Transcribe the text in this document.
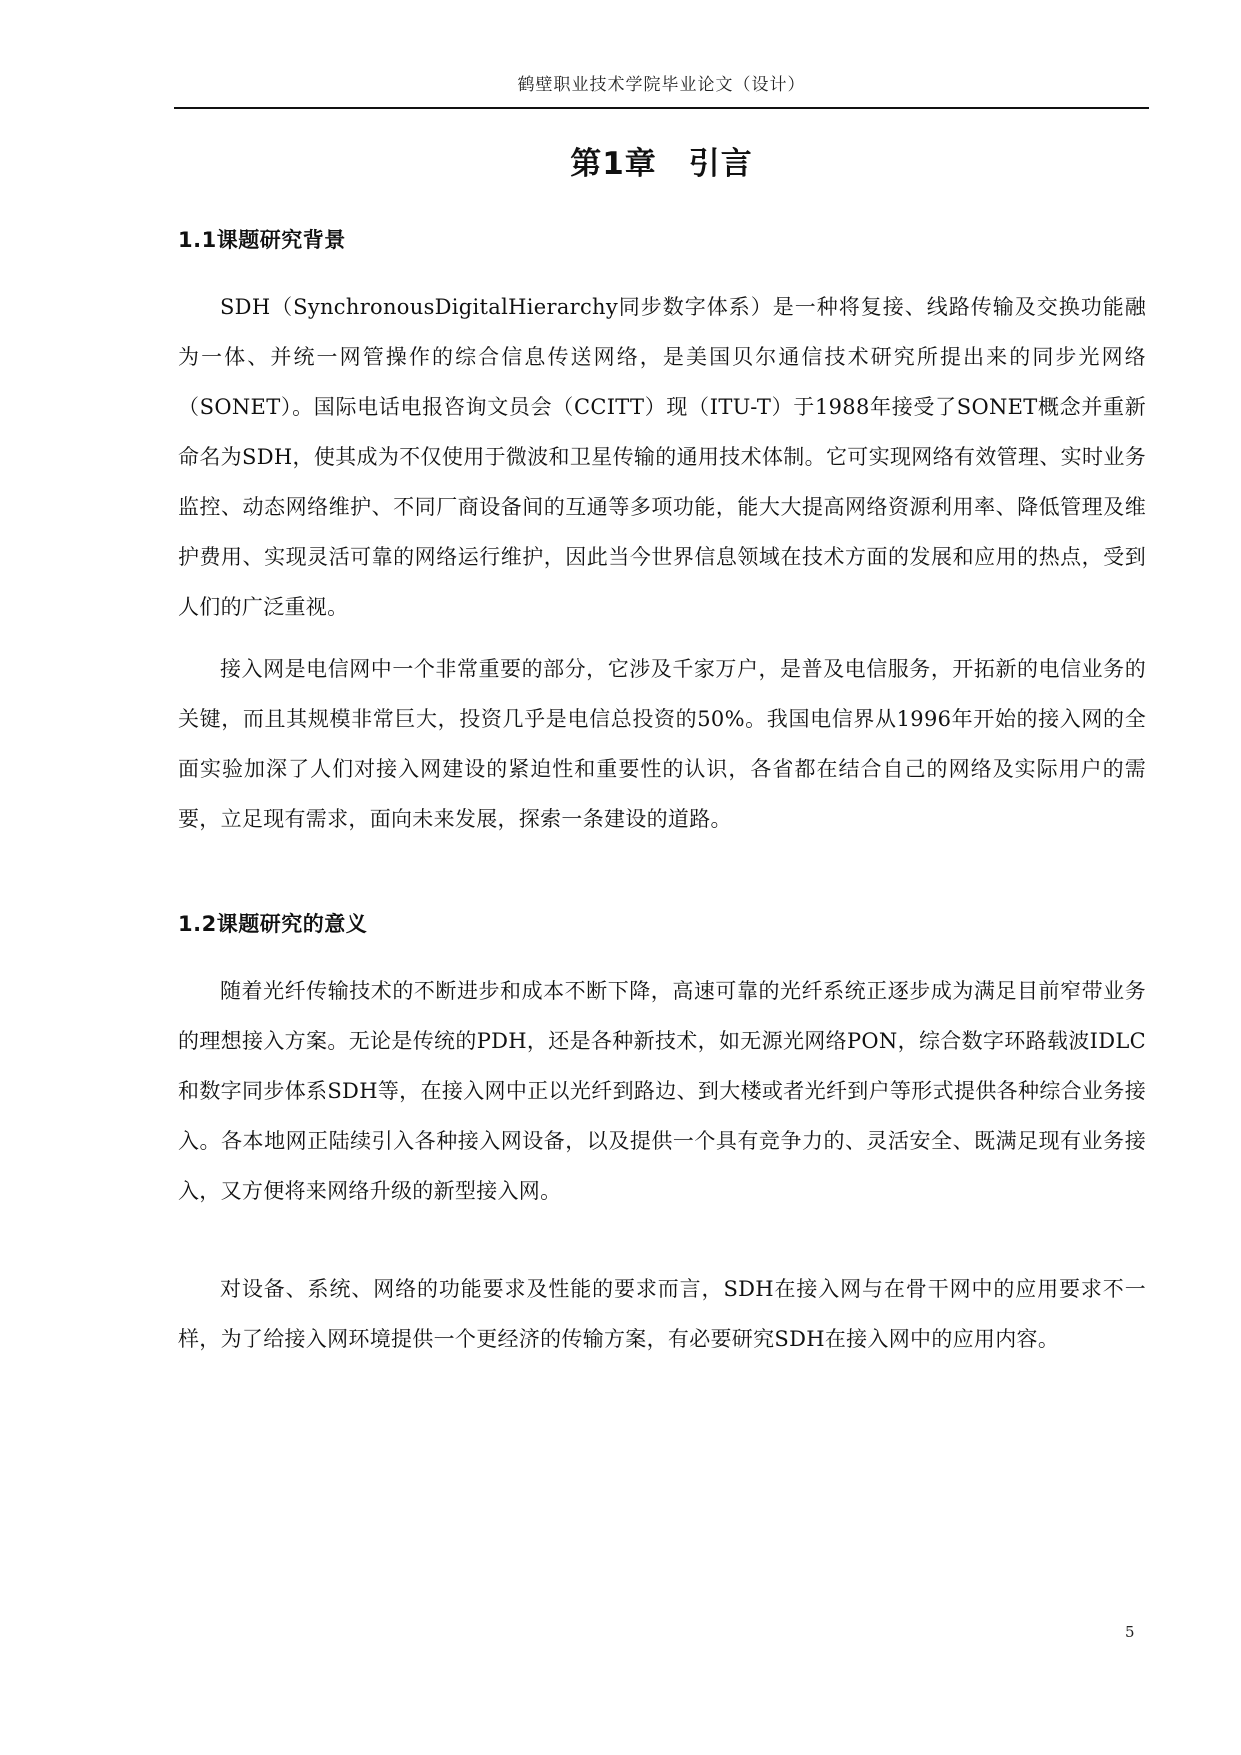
鹤壁职业技术学院毕业论文（设计）
第1章　引言
1.1课题研究背景

SDH（SynchronousDigitalHierarchy同步数字体系）是一种将复接、线路传输及交换功能融为一体、并统一网管操作的综合信息传送网络，是美国贝尔通信技术研究所提出来的同步光网络（SONET）。国际电话电报咨询文员会（CCITT）现（ITU-T）于1988年接受了SONET概念并重新命名为SDH，使其成为不仅使用于微波和卫星传输的通用技术体制。它可实现网络有效管理、实时业务监控、动态网络维护、不同厂商设备间的互通等多项功能，能大大提高网络资源利用率、降低管理及维护费用、实现灵活可靠的网络运行维护，因此当今世界信息领域在技术方面的发展和应用的热点，受到人们的广泛重视。

接入网是电信网中一个非常重要的部分，它涉及千家万户，是普及电信服务，开拓新的电信业务的关键，而且其规模非常巨大，投资几乎是电信总投资的50%。我国电信界从1996年开始的接入网的全面实验加深了人们对接入网建设的紧迫性和重要性的认识，各省都在结合自己的网络及实际用户的需要，立足现有需求，面向未来发展，探索一条建设的道路。

1.2课题研究的意义

随着光纤传输技术的不断进步和成本不断下降，高速可靠的光纤系统正逐步成为满足目前窄带业务的理想接入方案。无论是传统的PDH，还是各种新技术，如无源光网络PON，综合数字环路载波IDLC和数字同步体系SDH等，在接入网中正以光纤到路边、到大楼或者光纤到户等形式提供各种综合业务接入。各本地网正陆续引入各种接入网设备，以及提供一个具有竞争力的、灵活安全、既满足现有业务接入，又方便将来网络升级的新型接入网。

对设备、系统、网络的功能要求及性能的要求而言，SDH在接入网与在骨干网中的应用要求不一样，为了给接入网环境提供一个更经济的传输方案，有必要研究SDH在接入网中的应用内容。

5
